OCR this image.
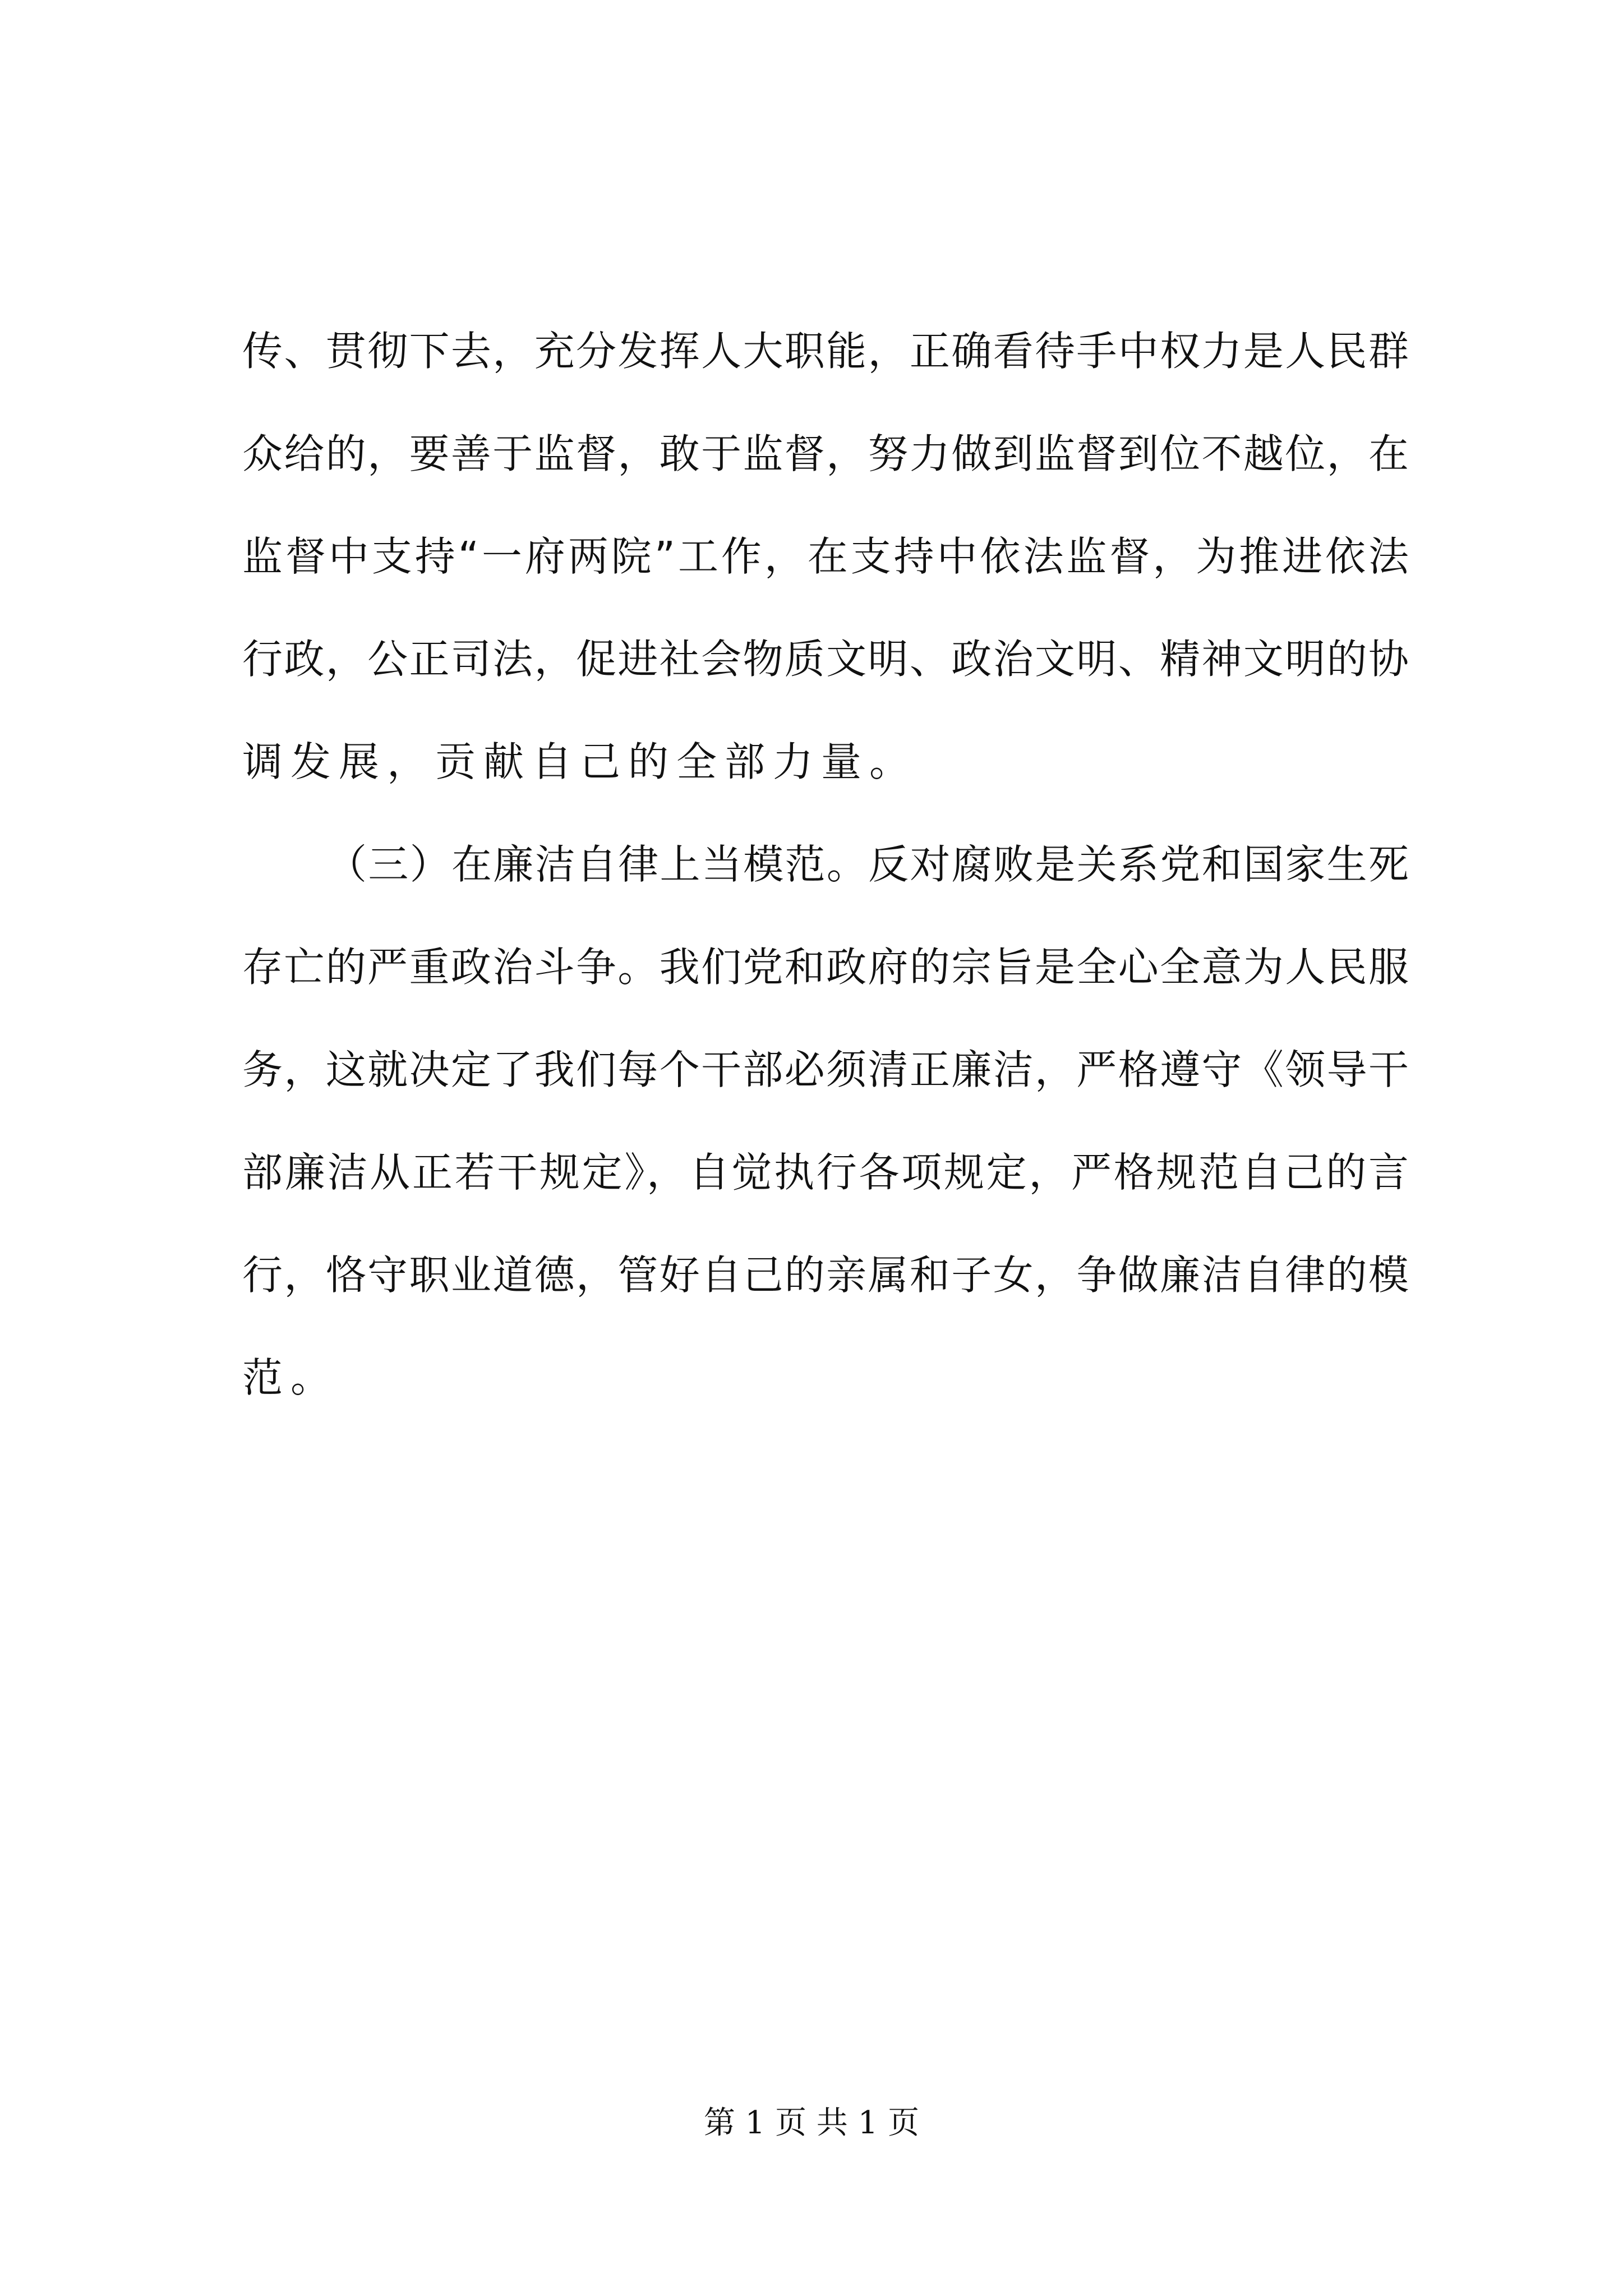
传、贯彻下去，充分发挥人大职能，正确看待手中权力是人民群
众给的，要善于监督，敢于监督，努力做到监督到位不越位，在
监督中支持“一府两院”工作，在支持中依法监督，为推进依法
行政，公正司法，促进社会物质文明、政治文明、精神文明的协
调发展，贡献自己的全部力量。
（三）在廉洁自律上当模范。反对腐败是关系党和国家生死
存亡的严重政治斗争。我们党和政府的宗旨是全心全意为人民服
务，这就决定了我们每个干部必须清正廉洁，严格遵守《领导干
部廉洁从正若干规定》，自觉执行各项规定，严格规范自己的言
行，恪守职业道德，管好自己的亲属和子女，争做廉洁自律的模
范。
第 1 页 共 1 页
